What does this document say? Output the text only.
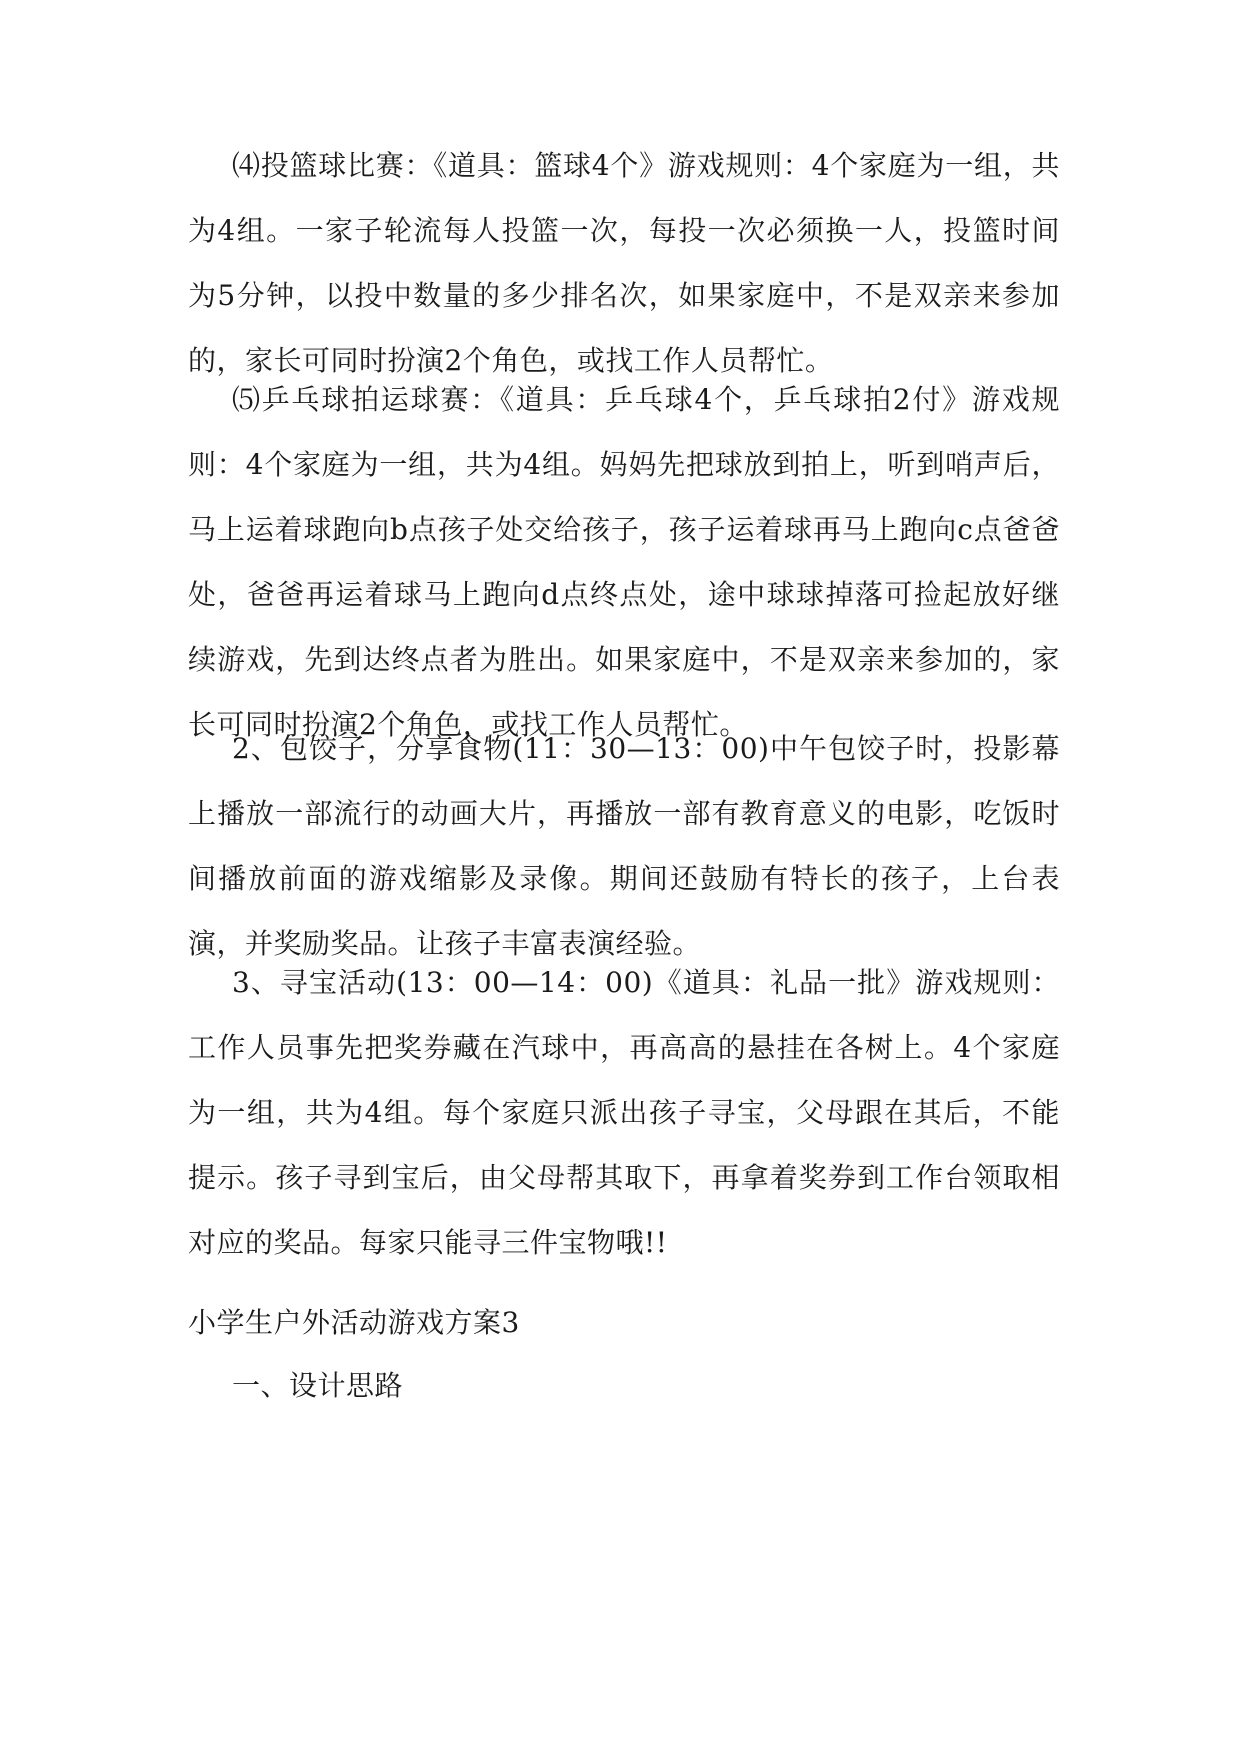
⑷投篮球比赛：《道具：篮球4个》游戏规则：4个家庭为一组，共为4组。一家子轮流每人投篮一次，每投一次必须换一人，投篮时间为5分钟，以投中数量的多少排名次，如果家庭中，不是双亲来参加的，家长可同时扮演2个角色，或找工作人员帮忙。

⑸乒乓球拍运球赛：《道具：乒乓球4个，乒乓球拍2付》游戏规则：4个家庭为一组，共为4组。妈妈先把球放到拍上，听到哨声后，马上运着球跑向b点孩子处交给孩子，孩子运着球再马上跑向c点爸爸处，爸爸再运着球马上跑向d点终点处，途中球球掉落可捡起放好继续游戏，先到达终点者为胜出。如果家庭中，不是双亲来参加的，家长可同时扮演2个角色，或找工作人员帮忙。

2、包饺子，分享食物(11：30—13：00)中午包饺子时，投影幕上播放一部流行的动画大片，再播放一部有教育意义的电影，吃饭时间播放前面的游戏缩影及录像。期间还鼓励有特长的孩子，上台表演，并奖励奖品。让孩子丰富表演经验。

3、寻宝活动(13：00—14：00)《道具：礼品一批》游戏规则：工作人员事先把奖券藏在汽球中，再高高的悬挂在各树上。4个家庭为一组，共为4组。每个家庭只派出孩子寻宝，父母跟在其后，不能提示。孩子寻到宝后，由父母帮其取下，再拿着奖券到工作台领取相对应的奖品。每家只能寻三件宝物哦!!

小学生户外活动游戏方案3

一、设计思路
